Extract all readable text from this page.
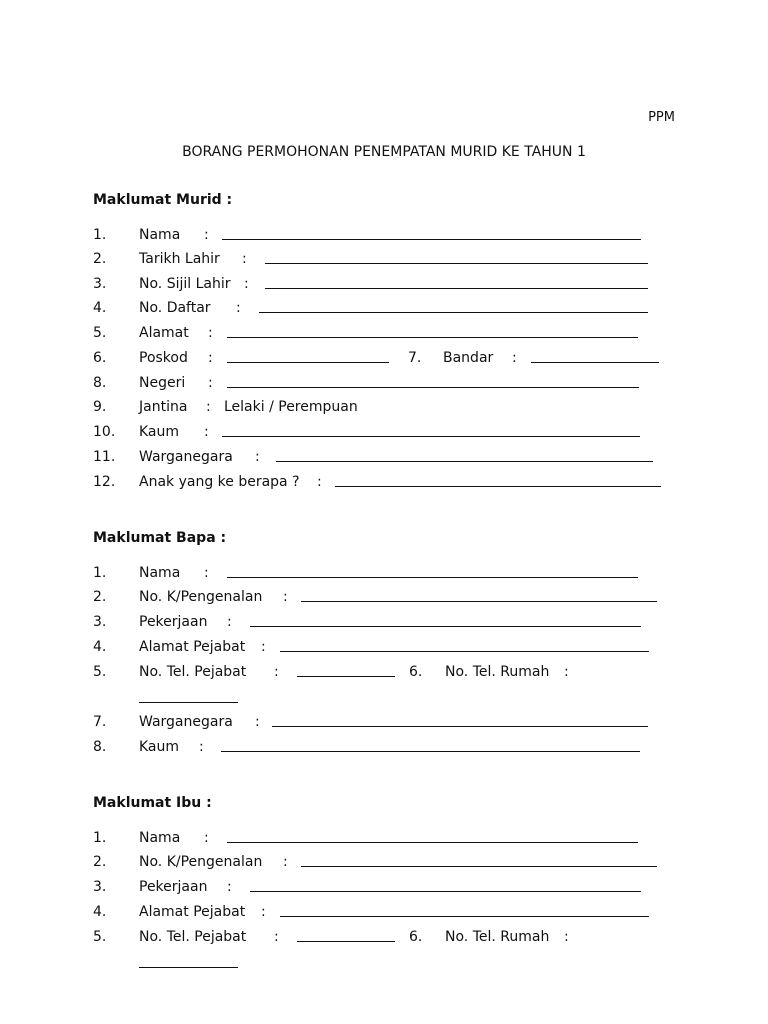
PPM
BORANG PERMOHONAN PENEMPATAN MURID KE TAHUN 1
Maklumat Murid :
1. Nama :
2. Tarikh Lahir :
3. No. Sijil Lahir :
4. No. Daftar :
5. Alamat :
6. Poskod :	7. Bandar :
8. Negeri :
9. Jantina : Lelaki / Perempuan
10. Kaum :
11. Warganegara :
12. Anak yang ke berapa ? :
Maklumat Bapa :
1. Nama :
2. No. K/Pengenalan :
3. Pekerjaan :
4. Alamat Pejabat :
5. No. Tel. Pejabat :	6. No. Tel. Rumah :
7. Warganegara :
8. Kaum :
Maklumat Ibu :
1. Nama :
2. No. K/Pengenalan :
3. Pekerjaan :
4. Alamat Pejabat :
5. No. Tel. Pejabat :	6. No. Tel. Rumah :
